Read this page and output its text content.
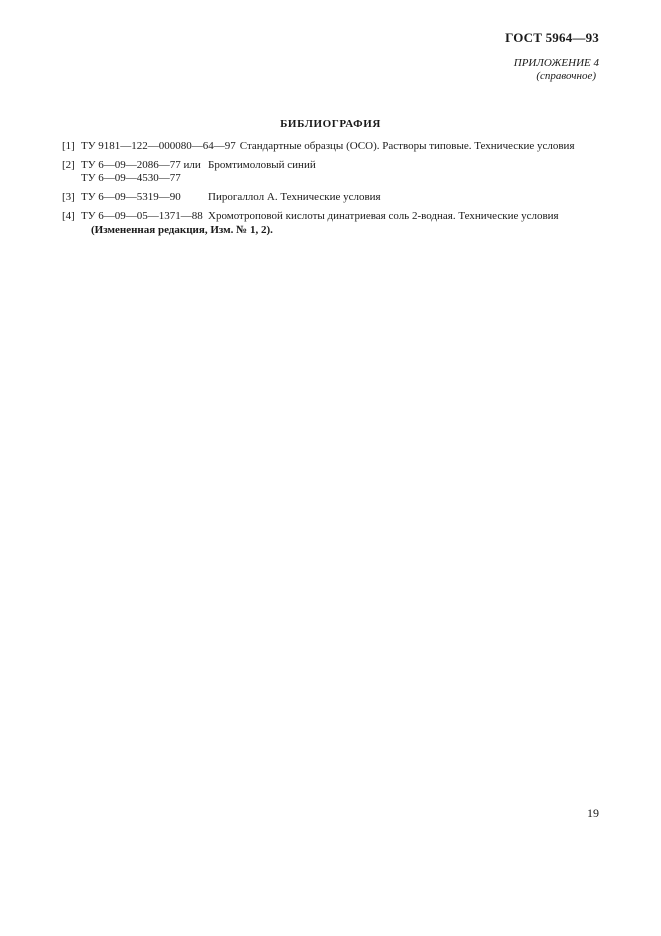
ГОСТ 5964—93
ПРИЛОЖЕНИЕ 4
(справочное)
БИБЛИОГРАФИЯ
[1] ТУ 9181—122—000080—64—97 Стандартные образцы (ОСО). Растворы типовые. Технические условия
[2] ТУ 6—09—2086—77 или
ТУ 6—09—4530—77
Бромтимоловый синий
[3] ТУ 6—09—5319—90	Пирогаллол А. Технические условия
[4] ТУ 6—09—05—1371—88 Хромотроповой кислоты динатриевая соль 2-водная. Технические условия
(Измененная редакция, Изм. № 1, 2).
19
